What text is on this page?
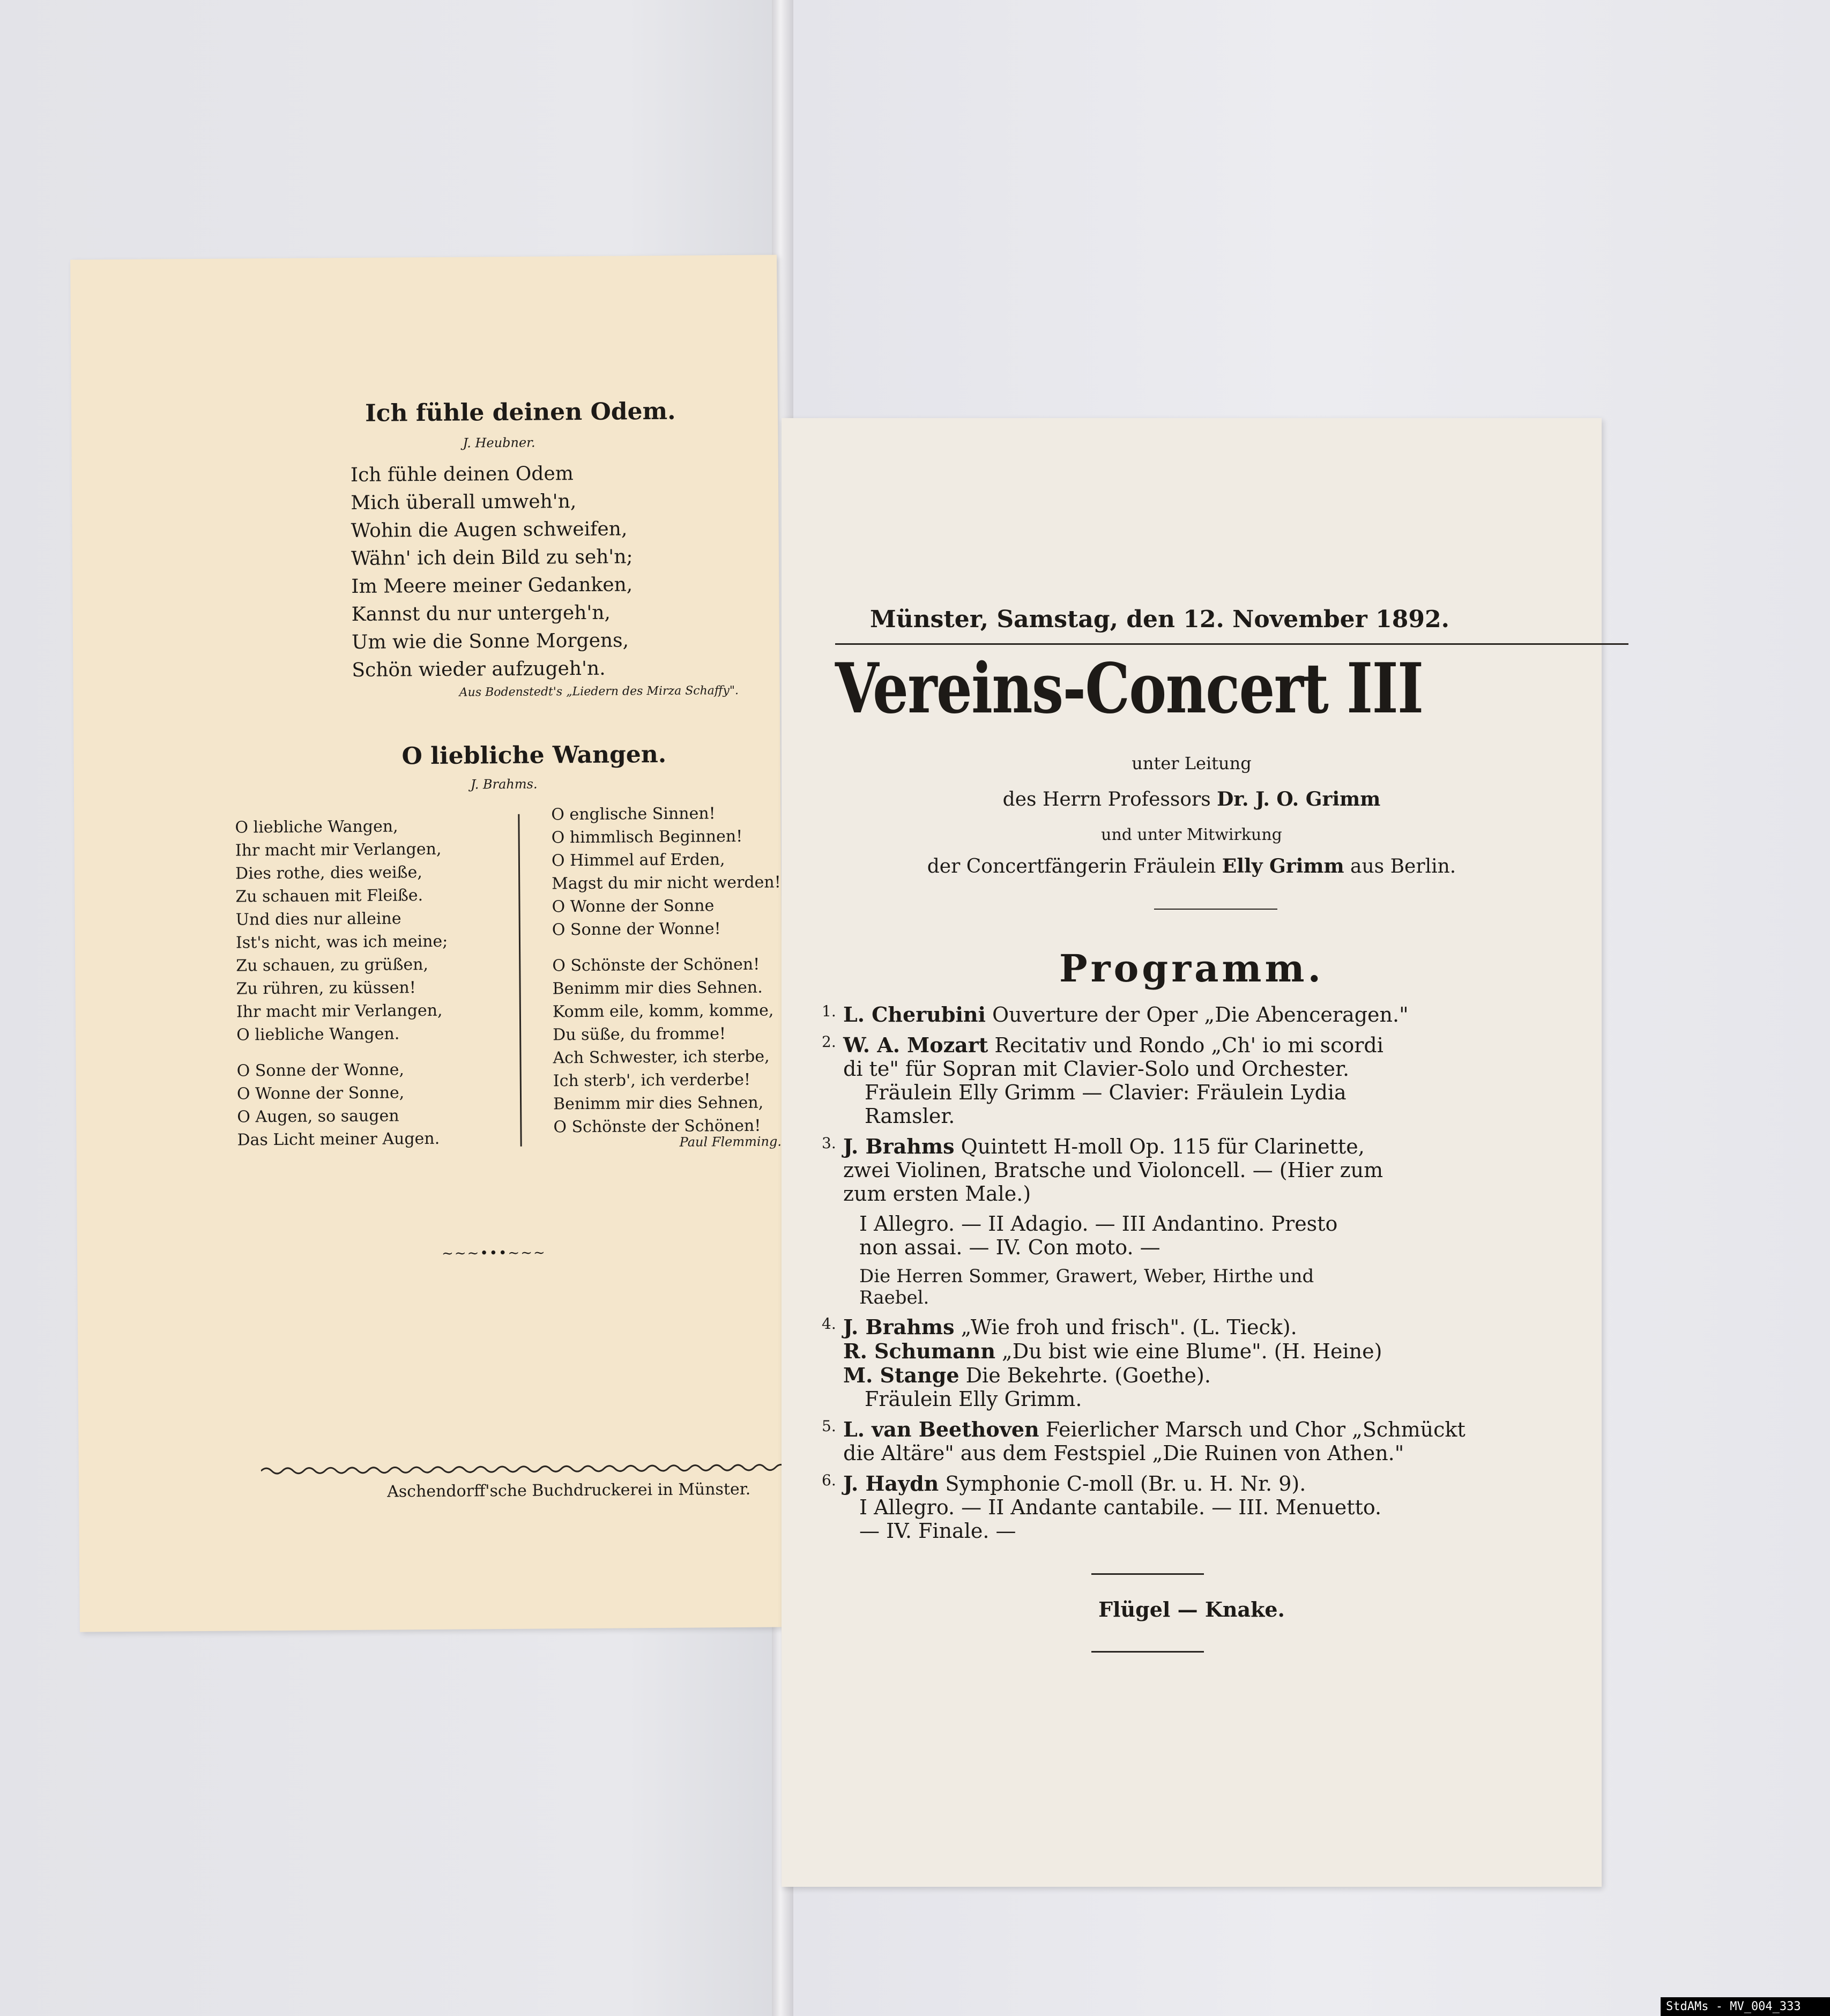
Ich fühle deinen Odem.
J. Heubner.
Ich fühle deinen Odem
Mich überall umweh'n,
Wohin die Augen schweifen,
Wähn' ich dein Bild zu seh'n;
Im Meere meiner Gedanken,
Kannst du nur untergeh'n,
Um wie die Sonne Morgens,
Schön wieder aufzugeh'n.
Aus Bodenstedt's „Liedern des Mirza Schaffy".
O liebliche Wangen.
J. Brahms.
O liebliche Wangen,
Ihr macht mir Verlangen,
Dies rothe, dies weiße,
Zu schauen mit Fleiße.
Und dies nur alleine
Ist's nicht, was ich meine;
Zu schauen, zu grüßen,
Zu rühren, zu küssen!
Ihr macht mir Verlangen,
O liebliche Wangen.
O Sonne der Wonne,
O Wonne der Sonne,
O Augen, so saugen
Das Licht meiner Augen.
O englische Sinnen!
O himmlisch Beginnen!
O Himmel auf Erden,
Magst du mir nicht werden!
O Wonne der Sonne
O Sonne der Wonne!
O Schönste der Schönen!
Benimm mir dies Sehnen.
Komm eile, komm, komme,
Du süße, du fromme!
Ach Schwester, ich sterbe,
Ich sterb', ich verderbe!
Benimm mir dies Sehnen,
O Schönste der Schönen!
Paul Flemming.
~~~•••~~~
Aschendorff'sche Buchdruckerei in Münster.
Münster, Samstag, den 12. November 1892.
Vereins-Concert III
unter Leitung
des Herrn Professors Dr. J. O. Grimm
und unter Mitwirkung
der Concertfängerin Fräulein Elly Grimm aus Berlin.
Programm.
1. L. Cherubini Ouverture der Oper „Die Abenceragen."
2. W. A. Mozart Recitativ und Rondo „Ch' io mi scordi
di te" für Sopran mit Clavier-Solo und Orchester.
Fräulein Elly Grimm — Clavier: Fräulein Lydia
Ramsler.
3. J. Brahms Quintett H-moll Op. 115 für Clarinette,
zwei Violinen, Bratsche und Violoncell. — (Hier zum
zum ersten Male.)
I Allegro. — II Adagio. — III Andantino. Presto
non assai. — IV. Con moto. —
Die Herren Sommer, Grawert, Weber, Hirthe und
Raebel.
4. J. Brahms „Wie froh und frisch". (L. Tieck).
R. Schumann „Du bist wie eine Blume". (H. Heine)
M. Stange Die Bekehrte. (Goethe).
Fräulein Elly Grimm.
5. L. van Beethoven Feierlicher Marsch und Chor „Schmückt
die Altäre" aus dem Festspiel „Die Ruinen von Athen."
6. J. Haydn Symphonie C-moll (Br. u. H. Nr. 9).
I Allegro. — II Andante cantabile. — III. Menuetto.
— IV. Finale. —
Flügel — Knake.
StdAMs - MV_004_333
